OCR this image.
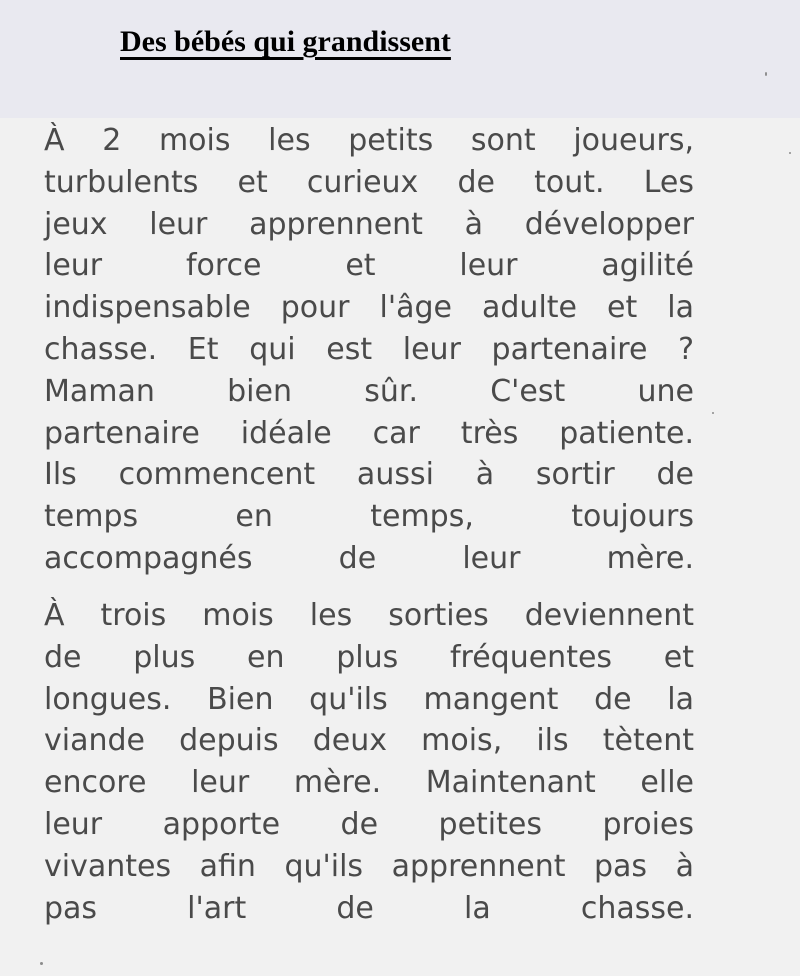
Des bébés qui grandissent
À 2 mois les petits sont joueurs,
turbulents et curieux de tout. Les
jeux leur apprennent à développer
leur force et leur agilité
indispensable pour l'âge adulte et la
chasse. Et qui est leur partenaire ?
Maman bien sûr. C'est une
partenaire idéale car très patiente.
Ils commencent aussi à sortir de
temps en temps, toujours
accompagnés de leur mère.
À trois mois les sorties deviennent
de plus en plus fréquentes et
longues. Bien qu'ils mangent de la
viande depuis deux mois, ils tètent
encore leur mère. Maintenant elle
leur apporte de petites proies
vivantes afin qu'ils apprennent pas à
pas l'art de la chasse.
